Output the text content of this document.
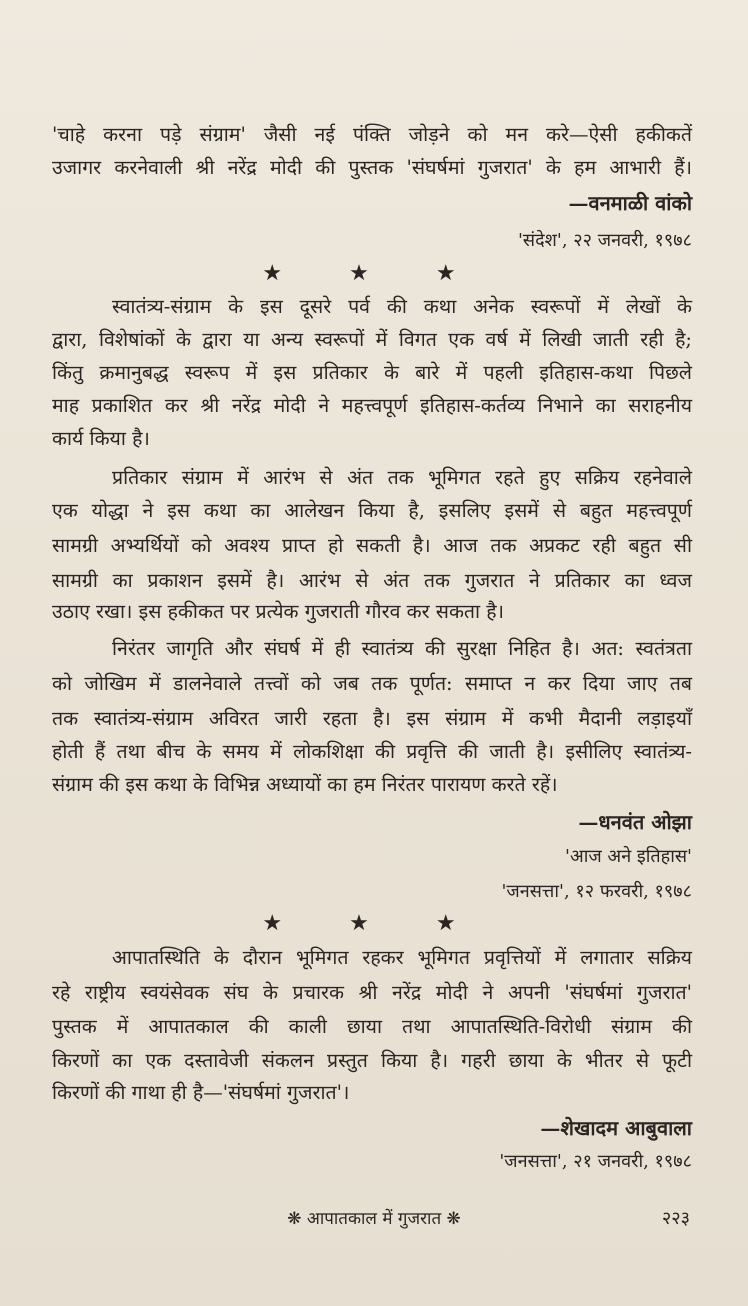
'चाहे करना पड़े संग्राम' जैसी नई पंक्ति जोड़ने को मन करे—ऐसी हकीकतें
उजागर करनेवाली श्री नरेंद्र मोदी की पुस्तक 'संघर्षमां गुजरात' के हम आभारी हैं।
—वनमाळी वांको
'संदेश', २२ जनवरी, १९७८
★ ★ ★
स्वातंत्र्य-संग्राम के इस दूसरे पर्व की कथा अनेक स्वरूपों में लेखों के
द्वारा, विशेषांकों के द्वारा या अन्य स्वरूपों में विगत एक वर्ष में लिखी जाती रही है;
किंतु क्रमानुबद्ध स्वरूप में इस प्रतिकार के बारे में पहली इतिहास-कथा पिछले
माह प्रकाशित कर श्री नरेंद्र मोदी ने महत्त्वपूर्ण इतिहास-कर्तव्य निभाने का सराहनीय
कार्य किया है।
प्रतिकार संग्राम में आरंभ से अंत तक भूमिगत रहते हुए सक्रिय रहनेवाले
एक योद्धा ने इस कथा का आलेखन किया है, इसलिए इसमें से बहुत महत्त्वपूर्ण
सामग्री अभ्यर्थियों को अवश्य प्राप्त हो सकती है। आज तक अप्रकट रही बहुत सी
सामग्री का प्रकाशन इसमें है। आरंभ से अंत तक गुजरात ने प्रतिकार का ध्वज
उठाए रखा। इस हकीकत पर प्रत्येक गुजराती गौरव कर सकता है।
निरंतर जागृति और संघर्ष में ही स्वातंत्र्य की सुरक्षा निहित है। अत: स्वतंत्रता
को जोखिम में डालनेवाले तत्त्वों को जब तक पूर्णत: समाप्त न कर दिया जाए तब
तक स्वातंत्र्य-संग्राम अविरत जारी रहता है। इस संग्राम में कभी मैदानी लड़ाइयाँ
होती हैं तथा बीच के समय में लोकशिक्षा की प्रवृत्ति की जाती है। इसीलिए स्वातंत्र्य-
संग्राम की इस कथा के विभिन्न अध्यायों का हम निरंतर पारायण करते रहें।
—धनवंत ओझा
'आज अने इतिहास'
'जनसत्ता', १२ फरवरी, १९७८
★ ★ ★
आपातस्थिति के दौरान भूमिगत रहकर भूमिगत प्रवृत्तियों में लगातार सक्रिय
रहे राष्ट्रीय स्वयंसेवक संघ के प्रचारक श्री नरेंद्र मोदी ने अपनी 'संघर्षमां गुजरात'
पुस्तक में आपातकाल की काली छाया तथा आपातस्थिति-विरोधी संग्राम की
किरणों का एक दस्तावेजी संकलन प्रस्तुत किया है। गहरी छाया के भीतर से फूटी
किरणों की गाथा ही है—'संघर्षमां गुजरात'।
—शेखादम आबुवाला
'जनसत्ता', २१ जनवरी, १९७८
❋ आपातकाल में गुजरात ❋	२२३
